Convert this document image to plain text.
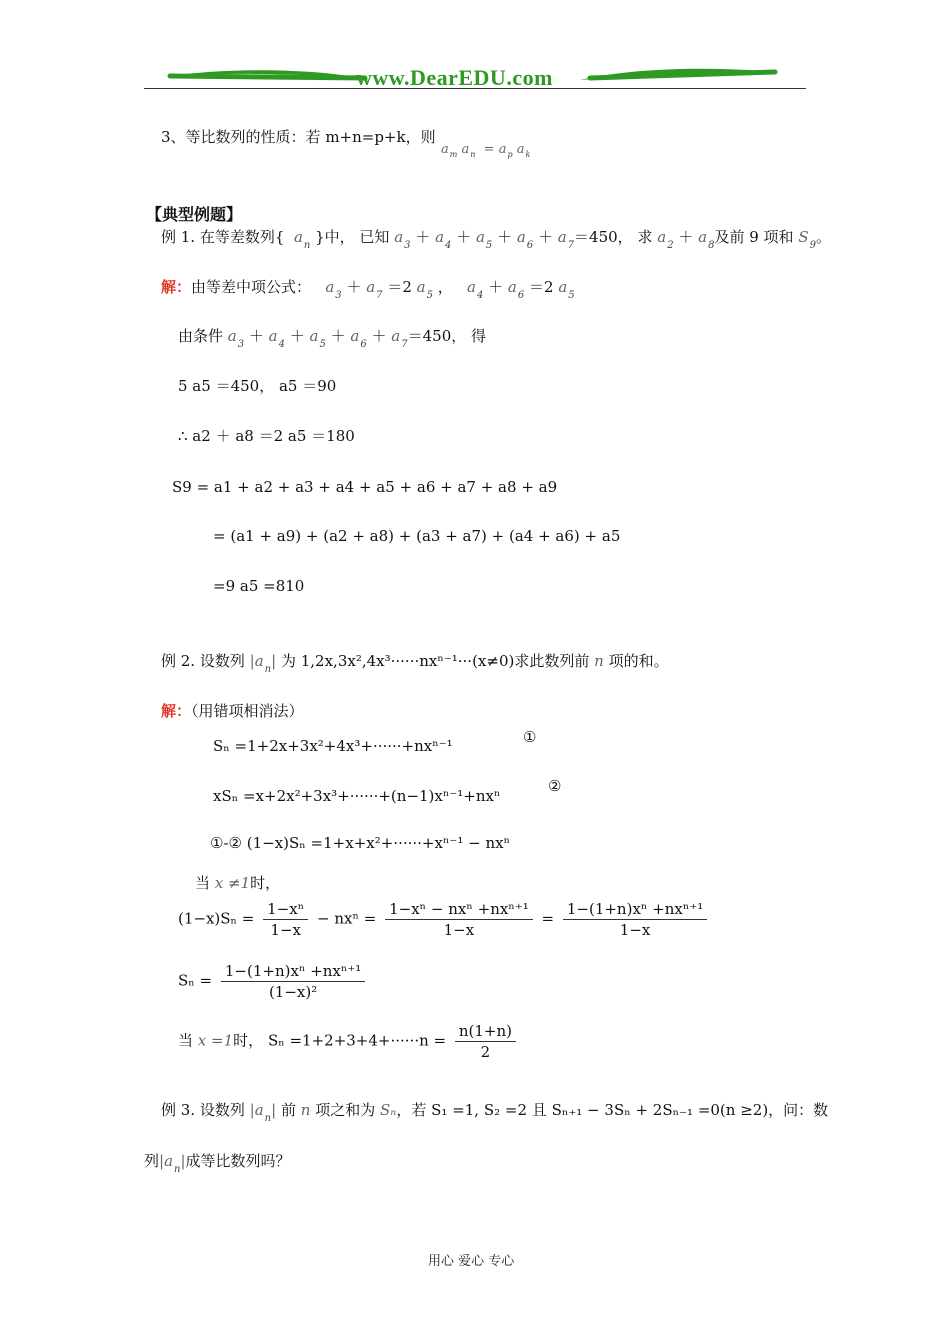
www.DearEDU.com
3、等比数列的性质：若 m+n=p+k，则
$a_m$ $a_n = a_p$ $a_k$
【典型例题】
例 1. 在等差数列{  $a_n$ }中， 已知 $a_3 + a_4 + a_5 + a_6 + a_7=450$， 求 $a_2 + a_8$及前 9 项和 $S_9$。
解：由等差中项公式： $a_3 + a_7 =2$ $a_5$ ，   $a_4 + a_6 =2$ $a_5$
由条件 $a_3 + a_4 + a_5 + a_6 + a_7=450$， 得
5 a5 ＝450， a5 ＝90
∴ a2 ＋ a8 ＝2 a5 ＝180
S9 = a1 + a2 + a3 + a4 + a5 + a6 + a7 + a8 + a9
= (a1 + a9) + (a2 + a8) + (a3 + a7) + (a4 + a6) + a5
=9 a5 =810
例 2. 设数列 $|a_n|$ 为 1,2x,3x²,4x³······nxⁿ⁻¹···(x≠0)求此数列前 n 项的和。
解：（用错项相消法）
Sₙ =1+2x+3x²+4x³+······+nxⁿ⁻¹	①
xSₙ =x+2x²+3x³+······+(n−1)xⁿ⁻¹+nxⁿ
②
①-② (1−x)Sₙ =1+x+x²+······+xⁿ⁻¹ − nxⁿ
当 x ≠1时，
$(1-x)S_n = \frac{\text{1−xⁿ}}{1-x} - nx^n = \frac{\text{1−xⁿ − nxⁿ +nxⁿ⁺¹}}{1-x} = \frac{\text{1−(1+n)xⁿ +nxⁿ⁺¹}}{1-x}$
$S_n = \frac{\text{1−(1+n)xⁿ +nxⁿ⁺¹}}{\text{(1−x)²}}$
当 x =1时， $S_n =1+2+3+4+\cdot\cdot\cdot\cdot\cdot\cdot n = \frac{n(1+n)}{2}$
例 3. 设数列 $|a_n|$ 前 n 项之和为 Sₙ，若 S₁ =1, S₂ =2 且 Sₙ₊₁ − 3Sₙ + 2Sₙ₋₁ =0(n ≥2)，问：数
列$|a_n|$成等比数列吗？
用心 爱心 专心
